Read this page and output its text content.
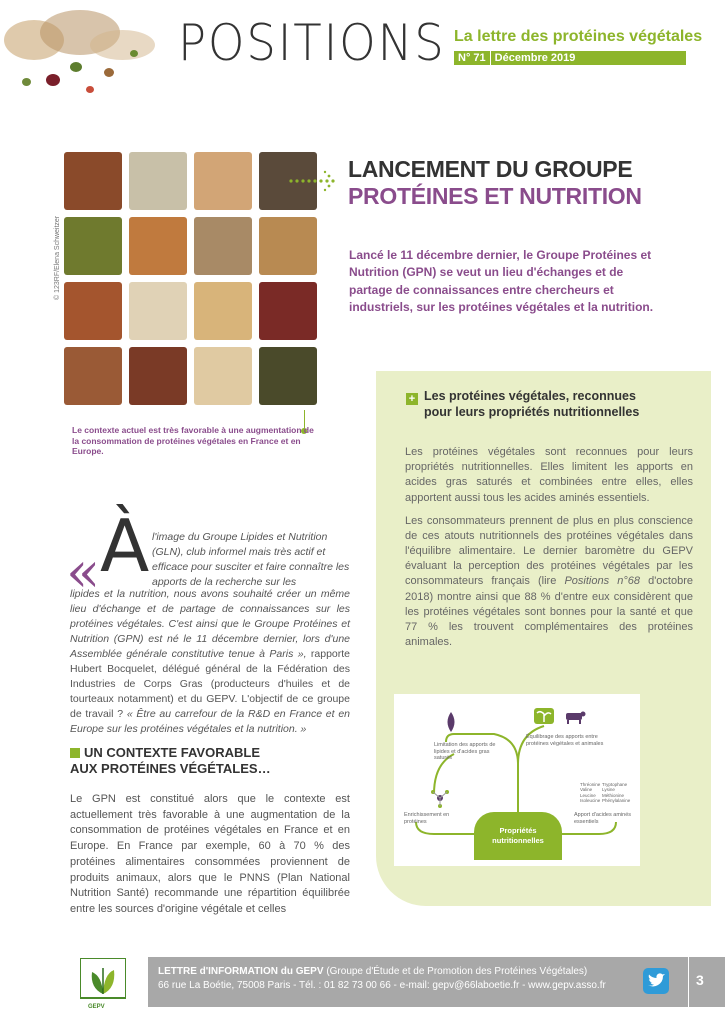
POSITIONS La lettre des protéines végétales
N° 71 Décembre 2019
© 123RF/Elena Schweitzer
Le contexte actuel est très favorable à une augmentation de la consommation de protéines végétales en France et en Europe.
LANCEMENT DU GROUPE
PROTÉINES ET NUTRITION
Lancé le 11 décembre dernier, le Groupe Protéines et Nutrition (GPN) se veut un lieu d'échanges et de partage de connaissances entre chercheurs et industriels, sur les protéines végétales et la nutrition.
+ Les protéines végétales, reconnues pour leurs propriétés nutritionnelles

Les protéines végétales sont reconnues pour leurs propriétés nutritionnelles. Elles limitent les apports en acides gras saturés et combinées entre elles, elles apportent aussi tous les acides aminés essentiels.

Les consommateurs prennent de plus en plus conscience de ces atouts nutritionnels des protéines végétales dans l'équilibre alimentaire. Le dernier baromètre du GEPV évaluant la perception des protéines végétales par les consommateurs français (lire Positions n°68 d'octobre 2018) montre ainsi que 88 % d'entre eux considèrent que les protéines végétales sont bonnes pour la santé et que 77 % les trouvent complémentaires des protéines animales.

Limitation des apports de lipides et d'acides gras saturés
Équilibrage des apports entre protéines végétales et animales
Enrichissement en protéines
Apport d'acides aminés essentiels
Thréonine Valine Leucine Isoleucine
Tryptophane Lysine Méthionine Phénylalanine
Propriétés nutritionnelles
« À l'image du Groupe Lipides et Nutrition (GLN), club informel mais très actif et efficace pour susciter et faire connaître les apports de la recherche sur les
lipides et la nutrition, nous avons souhaité créer un même lieu d'échange et de partage de connaissances sur les protéines végétales. C'est ainsi que le Groupe Protéines et Nutrition (GPN) est né le 11 décembre dernier, lors d'une Assemblée générale constitutive tenue à Paris », rapporte Hubert Bocquelet, délégué général de la Fédération des Industries de Corps Gras (producteurs d'huiles et de tourteaux notamment) et du GEPV. L'objectif de ce groupe de travail ? « Être au carrefour de la R&D en France et en Europe sur les protéines végétales et la nutrition. »
UN CONTEXTE FAVORABLE
AUX PROTÉINES VÉGÉTALES…
Le GPN est constitué alors que le contexte est actuellement très favorable à une augmentation de la consommation de protéines végétales en France et en Europe. En France par exemple, 60 à 70 % des protéines alimentaires consommées proviennent de produits animaux, alors que le PNNS (Plan National Nutrition Santé) recommande une répartition équilibrée entre les sources d'origine végétale et celles
GEPV
LETTRE d'INFORMATION du GEPV (Groupe d'Étude et de Promotion des Protéines Végétales)
66 rue La Boétie, 75008 Paris - Tél. : 01 82 73 00 66 - e-mail: gepv@66laboetie.fr - www.gepv.asso.fr	3
